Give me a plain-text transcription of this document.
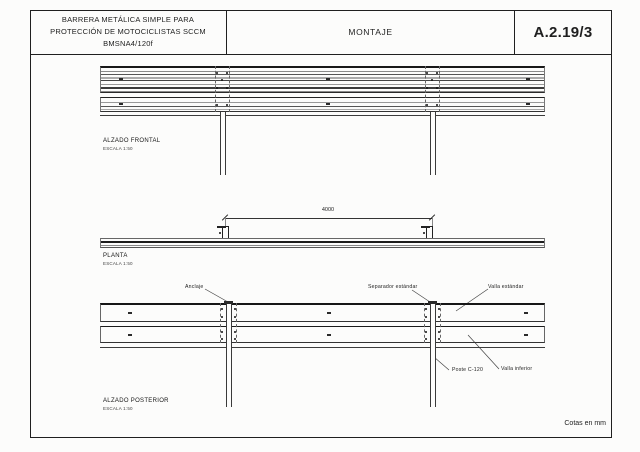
BARRERA METÁLICA SIMPLE PARA
PROTECCIÓN DE MOTOCICLISTAS SCCM
BMSNA4/120f
MONTAJE	A.2.19/3
ALZADO FRONTAL
ESCALA 1:50
4000
PLANTA
ESCALA 1:50
Anclaje	Separador estándar	Valla estándar
Poste C-120	Valla inferior
ALZADO POSTERIOR
ESCALA 1:50
Cotas en mm
